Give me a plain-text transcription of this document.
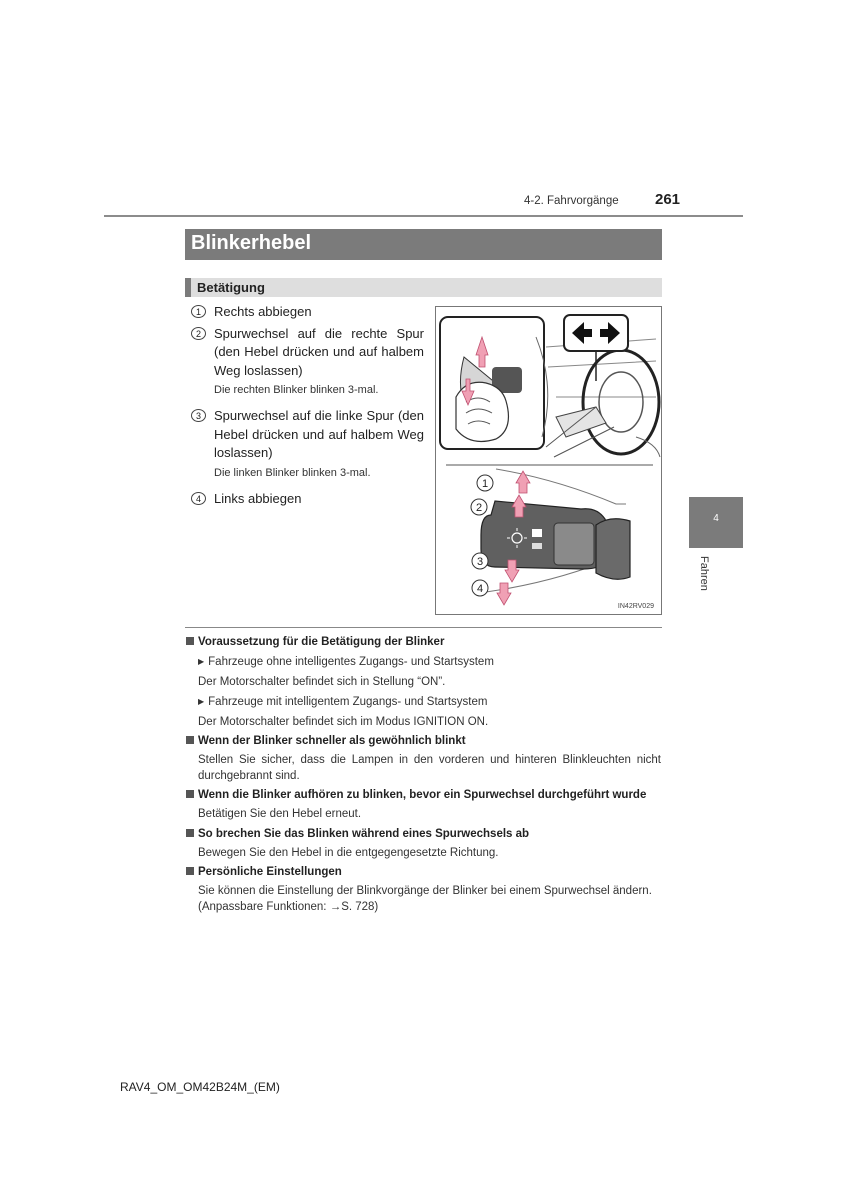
4-2. Fahrvorgänge 261
Blinkerhebel
Betätigung
1	Rechts abbiegen
2	Spurwechsel auf die rechte Spur (den Hebel drücken und auf halbem Weg loslassen)
Die rechten Blinker blinken 3-mal.
3	Spurwechsel auf die linke Spur (den Hebel drücken und auf halbem Weg loslassen)
Die linken Blinker blinken 3-mal.
4	Links abbiegen
1
2
3
4
IN42RV029
Voraussetzung für die Betätigung der Blinker
▶ Fahrzeuge ohne intelligentes Zugangs- und Startsystem
Der Motorschalter befindet sich in Stellung “ON”.
▶ Fahrzeuge mit intelligentem Zugangs- und Startsystem
Der Motorschalter befindet sich im Modus IGNITION ON.
Wenn der Blinker schneller als gewöhnlich blinkt
Stellen Sie sicher, dass die Lampen in den vorderen und hinteren Blinkleuchten nicht durchgebrannt sind.
Wenn die Blinker aufhören zu blinken, bevor ein Spurwechsel durchgeführt wurde
Betätigen Sie den Hebel erneut.
So brechen Sie das Blinken während eines Spurwechsels ab
Bewegen Sie den Hebel in die entgegengesetzte Richtung.
Persönliche Einstellungen
Sie können die Einstellung der Blinkvorgänge der Blinker bei einem Spurwechsel ändern.
(Anpassbare Funktionen: →S. 728)
4
Fahren
RAV4_OM_OM42B24M_(EM)
